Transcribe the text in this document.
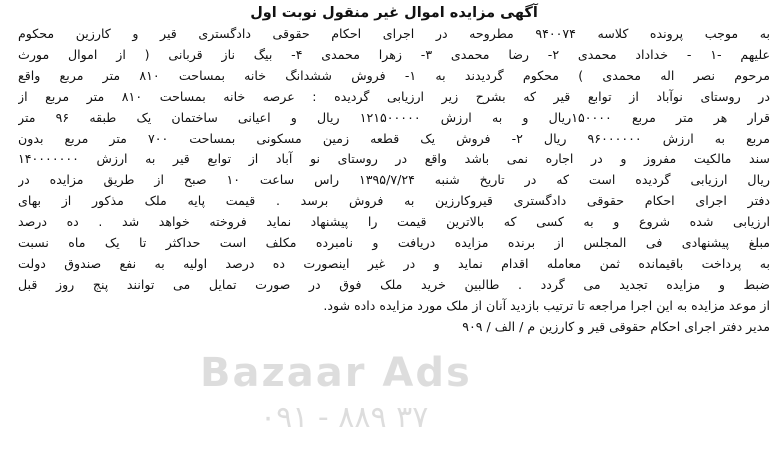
آگهی مزایده اموال غیر منقول نوبت اول
به موجب پرونده کلاسه ۹۴۰۰۷۴ مطروحه در اجرای احکام حقوقی دادگستری قیر و کارزین محکوم
علیهم -۱ - خداداد محمدی ۲- رضا محمدی ۳- زهرا محمدی ۴- بیگ ناز قربانی ( از اموال مورث
مرحوم نصر اله محمدی ) محکوم گردیدند به ۱- فروش ششدانگ خانه بمساحت ۸۱۰ متر مربع واقع
در روستای نوآباد از توابع قیر که بشرح زیر ارزیابی گردیده : عرصه خانه بمساحت ۸۱۰ متر مربع از
قرار هر متر مربع ۱۵۰۰۰۰ریال و به ارزش ۱۲۱۵۰۰۰۰۰ ریال و اعیانی ساختمان یک طبقه ۹۶ متر
مربع به ارزش ۹۶۰۰۰۰۰۰ ریال ۲- فروش یک قطعه زمین مسکونی بمساحت ۷۰۰ متر مربع بدون
سند مالکیت مفروز و در اجاره نمی باشد واقع در روستای نو آباد از توابع قیر به ارزش ۱۴۰۰۰۰۰۰۰
ریال ارزیابی گردیده است که در تاریخ شنبه ۱۳۹۵/۷/۲۴ راس ساعت ۱۰ صبح از طریق مزایده در
دفتر اجرای احکام حقوقی دادگستری قیروکارزین به فروش برسد . قیمت پایه ملک مذکور از بهای
ارزیابی شده شروع و به کسی که بالاترین قیمت را پیشنهاد نماید فروخته خواهد شد . ده درصد
مبلغ پیشنهادی فی المجلس از برنده مزایده دریافت و نامبرده مکلف است حداکثر تا یک ماه نسبت
به پرداخت باقیمانده ثمن معامله اقدام نماید و در غیر اینصورت ده درصد اولیه به نفع صندوق دولت
ضبط و مزایده تجدید می گردد . طالبین خرید ملک فوق در صورت تمایل می توانند پنج روز قبل
از موعد مزایده به این اجرا مراجعه تا ترتیب بازدید آنان از ملک مورد مزایده داده شود.
مدیر دفتر اجرای احکام حقوقی قیر و کارزین م / الف / ۹۰۹
Bazaar Ads
۰۹۱ - ۸۸۹ ۳۷
